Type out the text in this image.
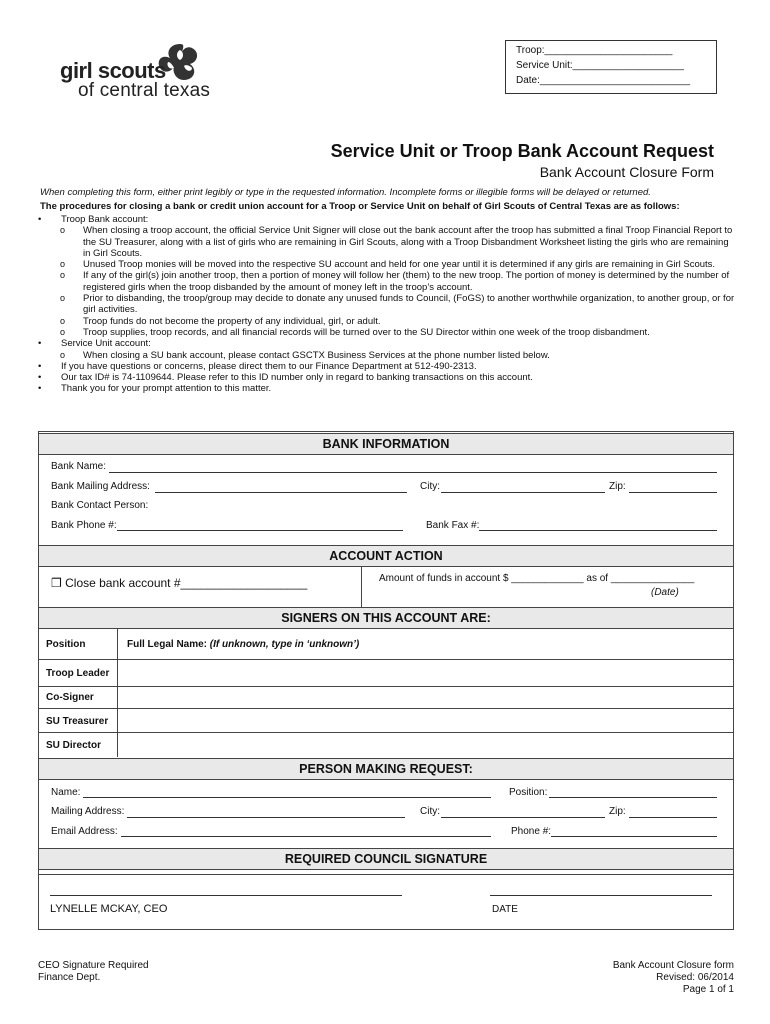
girl scouts
of central texas
Troop:_______________________
Service Unit:____________________
Date:___________________________
Service Unit or Troop Bank Account Request
Bank Account Closure Form
When completing this form, either print legibly or type in the requested information. Incomplete forms or illegible forms will be delayed or returned.
The procedures for closing a bank or credit union account for a Troop or Service Unit on behalf of Girl Scouts of Central Texas are as follows:
• Troop Bank account:
o When closing a troop account, the official Service Unit Signer will close out the bank account after the troop has submitted a final Troop Financial Report to the SU Treasurer, along with a list of girls who are remaining in Girl Scouts, along with a Troop Disbandment Worksheet listing the girls who are remaining in Girl Scouts.
o Unused Troop monies will be moved into the respective SU account and held for one year until it is determined if any girls are remaining in Girl Scouts.
o If any of the girl(s) join another troop, then a portion of money will follow her (them) to the new troop. The portion of money is determined by the number of registered girls when the troop disbanded by the amount of money left in the troop’s account.
o Prior to disbanding, the troop/group may decide to donate any unused funds to Council, (FoGS) to another worthwhile organization, to another group, or for girl activities.
o Troop funds do not become the property of any individual, girl, or adult.
o Troop supplies, troop records, and all financial records will be turned over to the SU Director within one week of the troop disbandment.
• Service Unit account:
o When closing a SU bank account, please contact GSCTX Business Services at the phone number listed below.
• If you have questions or concerns, please direct them to our Finance Department at 512-490-2313.
• Our tax ID# is 74-1109644. Please refer to this ID number only in regard to banking transactions on this account.
• Thank you for your prompt attention to this matter.
BANK INFORMATION
Bank Name:
Bank Mailing Address:	City:	Zip:
Bank Contact Person:
Bank Phone #:	Bank Fax #:
ACCOUNT ACTION
❒ Close bank account #___________________	Amount of funds in account $ _____________ as of _______________
(Date)
SIGNERS ON THIS ACCOUNT ARE:
Position	Full Legal Name: (If unknown, type in ‘unknown’)
Troop Leader
Co-Signer
SU Treasurer
SU Director
PERSON MAKING REQUEST:
Name:	Position:
Mailing Address:	City:	Zip:
Email Address:	Phone #:
REQUIRED COUNCIL SIGNATURE
LYNELLE MCKAY, CEO	DATE
CEO Signature Required
Finance Dept.
Bank Account Closure form
Revised: 06/2014
Page 1 of 1
